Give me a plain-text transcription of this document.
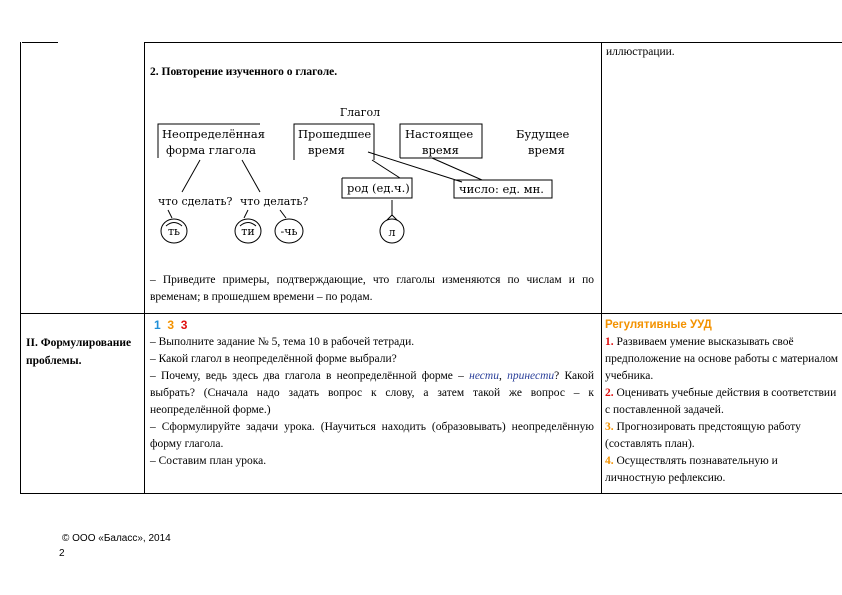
иллюстрации.
2. Повторение изученного о глаголе.
Глагол
Неопределённая
форма глагола
Прошедшее
время
Настоящее
время
Будущее
время
что сделать? что делать?
ть	ти -чь
род (ед.ч.)	число: ед. мн.
л
– Приведите примеры, подтверждающие, что глаголы изменяются по числам и по временам; в прошедшем времени – по родам.
II. Формулирование проблемы.
1 3 3
– Выполните задание № 5, тема 10 в рабочей тетради.
– Какой глагол в неопределённой форме выбрали?
– Почему, ведь здесь два глагола в неопределённой форме – нести, принести? Какой выбрать? (Сначала надо задать вопрос к слову, а затем такой же вопрос – к неопределённой форме.)
– Сформулируйте задачи урока. (Научиться находить (образовывать) неопределённую форму глагола.
– Составим план урока.
Регулятивные УУД
1. Развиваем умение высказывать своё предположение на основе работы с материалом учебника.
2. Оценивать учебные действия в соответствии с поставленной задачей.
3. Прогнозировать предстоящую работу (составлять план).
4. Осуществлять познавательную и личностную рефлексию.
© ООО «Баласс», 2014
2
